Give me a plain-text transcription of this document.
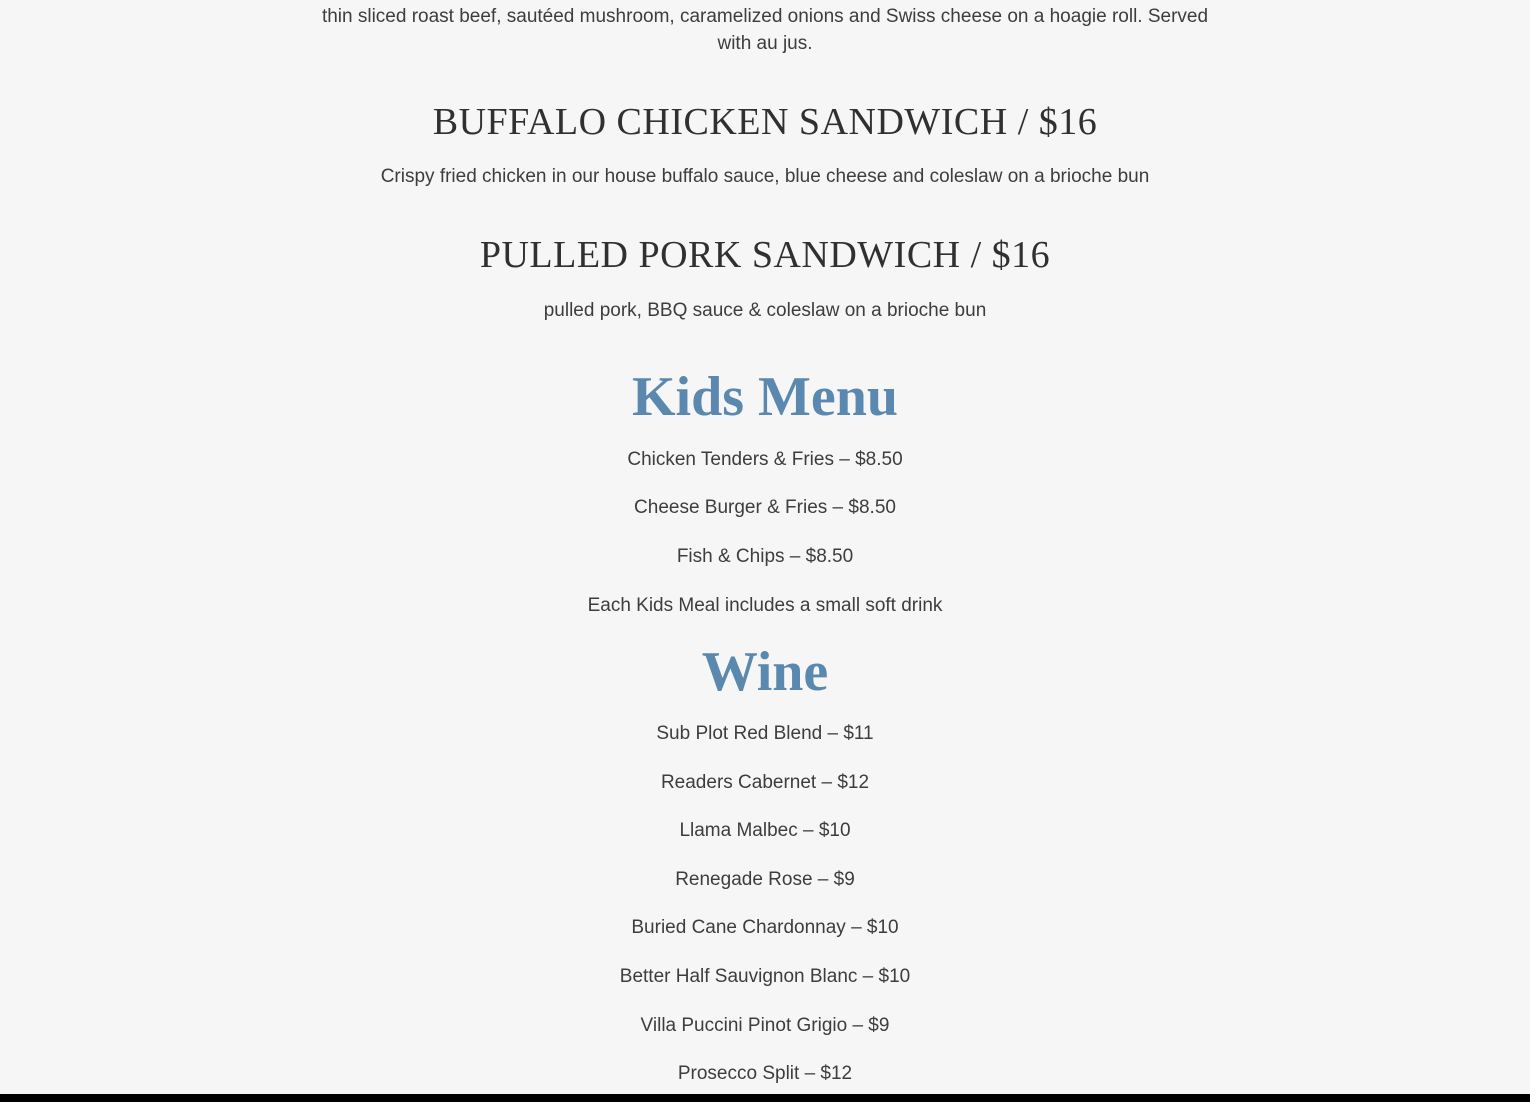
thin sliced roast beef, sautéed mushroom, caramelized onions and Swiss cheese on a hoagie roll. Served with au jus.

BUFFALO CHICKEN SANDWICH / $16
Crispy fried chicken in our house buffalo sauce, blue cheese and coleslaw on a brioche bun
PULLED PORK SANDWICH / $16
pulled pork, BBQ sauce & coleslaw on a brioche bun
Kids Menu
Chicken Tenders & Fries – $8.50
Cheese Burger & Fries – $8.50
Fish & Chips – $8.50
Each Kids Meal includes a small soft drink
Wine
Sub Plot Red Blend – $11
Readers Cabernet – $12
Llama Malbec – $10
Renegade Rose – $9
Buried Cane Chardonnay – $10
Better Half Sauvignon Blanc – $10
Villa Puccini Pinot Grigio – $9
Prosecco Split – $12
